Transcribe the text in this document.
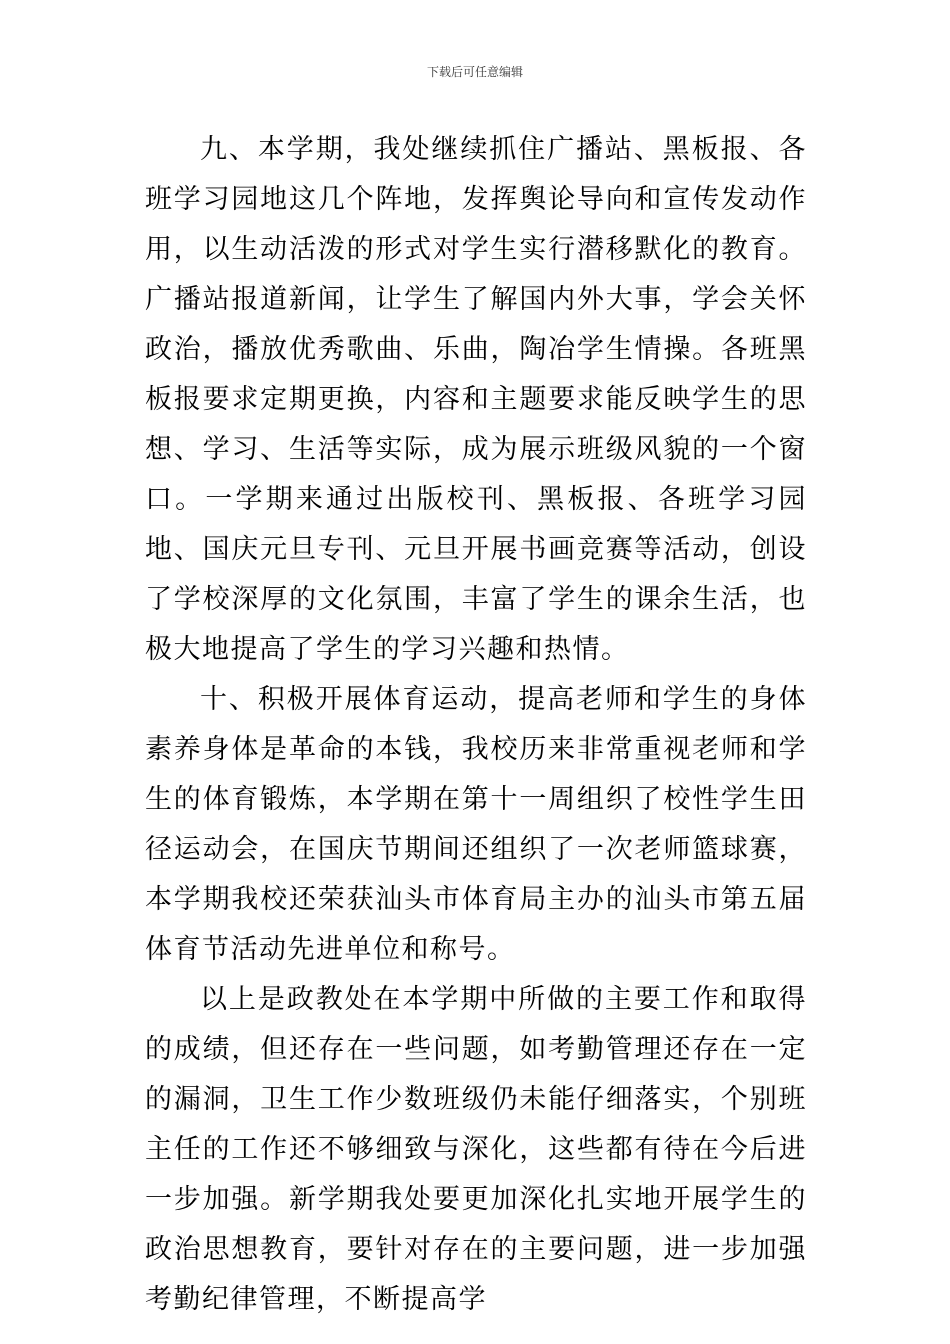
下载后可任意编辑

九、本学期，我处继续抓住广播站、黑板报、各班学习园地这几个阵地，发挥舆论导向和宣传发动作用，以生动活泼的形式对学生实行潜移默化的教育。广播站报道新闻，让学生了解国内外大事，学会关怀政治，播放优秀歌曲、乐曲，陶冶学生情操。各班黑板报要求定期更换，内容和主题要求能反映学生的思想、学习、生活等实际，成为展示班级风貌的一个窗口。一学期来通过出版校刊、黑板报、各班学习园地、国庆元旦专刊、元旦开展书画竞赛等活动，创设了学校深厚的文化氛围，丰富了学生的课余生活，也极大地提高了学生的学习兴趣和热情。

十、积极开展体育运动，提高老师和学生的身体素养身体是革命的本钱，我校历来非常重视老师和学生的体育锻炼，本学期在第十一周组织了校性学生田径运动会，在国庆节期间还组织了一次老师篮球赛，本学期我校还荣获汕头市体育局主办的汕头市第五届体育节活动先进单位和称号。

以上是政教处在本学期中所做的主要工作和取得的成绩，但还存在一些问题，如考勤管理还存在一定的漏洞，卫生工作少数班级仍未能仔细落实，个别班主任的工作还不够细致与深化，这些都有待在今后进一步加强。新学期我处要更加深化扎实地开展学生的政治思想教育，要针对存在的主要问题，进一步加强考勤纪律管理，不断提高学
